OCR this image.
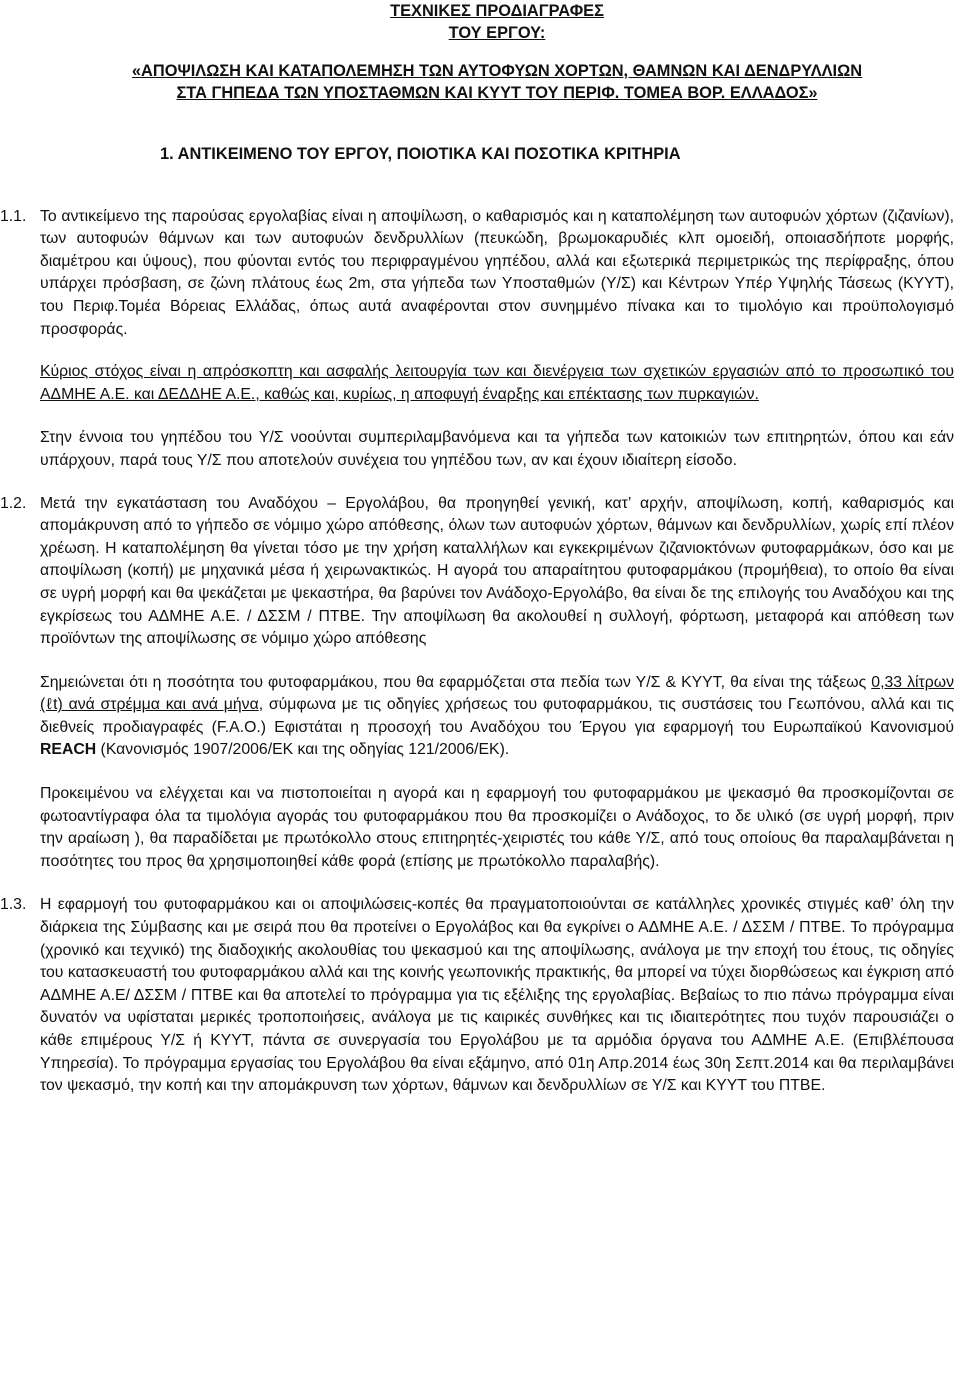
ΤΕΧΝΙΚΕΣ ΠΡΟΔΙΑΓΡΑΦΕΣ
ΤΟΥ ΕΡΓΟΥ:
«ΑΠΟΨΙΛΩΣΗ ΚΑΙ ΚΑΤΑΠΟΛΕΜΗΣΗ ΤΩΝ ΑΥΤΟΦΥΩΝ ΧΟΡΤΩΝ, ΘΑΜΝΩΝ ΚΑΙ ΔΕΝΔΡΥΛΛΙΩΝ
ΣΤΑ ΓΗΠΕΔΑ ΤΩΝ ΥΠΟΣΤΑΘΜΩΝ ΚΑΙ ΚΥΥΤ ΤΟΥ ΠΕΡΙΦ. ΤΟΜΕΑ ΒΟΡ. ΕΛΛΑΔΟΣ»
1. ΑΝΤΙΚΕΙΜΕΝΟ ΤΟΥ ΕΡΓΟΥ, ΠΟΙΟΤΙΚΑ ΚΑΙ ΠΟΣΟΤΙΚΑ ΚΡΙΤΗΡΙΑ
1.1. Το αντικείμενο της παρούσας εργολαβίας είναι η αποψίλωση, ο καθαρισμός και η καταπολέμηση των αυτοφυών χόρτων (ζιζανίων), των αυτοφυών θάμνων και των αυτοφυών δενδρυλλίων (πευκώδη, βρωμοκαρυδιές κλπ ομοειδή, οποιασδήποτε μορφής, διαμέτρου και ύψους), που φύονται εντός του περιφραγμένου γηπέδου, αλλά και εξωτερικά περιμετρικώς της περίφραξης, όπου υπάρχει πρόσβαση, σε ζώνη πλάτους έως 2m, στα γήπεδα των Υποσταθμών (Υ/Σ) και Κέντρων Υπέρ Υψηλής Τάσεως (ΚΥΥΤ), του Περιφ.Τομέα Βόρειας Ελλάδας, όπως αυτά αναφέρονται στον συνημμένο πίνακα και το τιμολόγιο και προϋπολογισμό προσφοράς.

Κύριος στόχος είναι η απρόσκοπτη και ασφαλής λειτουργία των και διενέργεια των σχετικών εργασιών από το προσωπικό του ΑΔΜΗΕ Α.Ε. και ΔΕΔΔΗΕ Α.Ε., καθώς και, κυρίως, η αποφυγή έναρξης και επέκτασης των πυρκαγιών.

Στην έννοια του γηπέδου του Υ/Σ νοούνται συμπεριλαμβανόμενα και τα γήπεδα των κατοικιών των επιτηρητών, όπου και εάν υπάρχουν, παρά τους Υ/Σ που αποτελούν συνέχεια του γηπέδου των, αν και έχουν ιδιαίτερη είσοδο.

1.2. Μετά την εγκατάσταση του Αναδόχου – Εργολάβου, θα προηγηθεί γενική, κατ’ αρχήν, αποψίλωση, κοπή, καθαρισμός και απομάκρυνση από το γήπεδο σε νόμιμο χώρο απόθεσης, όλων των αυτοφυών χόρτων, θάμνων και δενδρυλλίων, χωρίς επί πλέον χρέωση. Η καταπολέμηση θα γίνεται τόσο με την χρήση καταλλήλων και εγκεκριμένων ζιζανιοκτόνων φυτοφαρμάκων, όσο και με αποψίλωση (κοπή) με μηχανικά μέσα ή χειρωνακτικώς. Η αγορά του απαραίτητου φυτοφαρμάκου (προμήθεια), το οποίο θα είναι σε υγρή μορφή και θα ψεκάζεται με ψεκαστήρα, θα βαρύνει τον Ανάδοχο-Εργολάβο, θα είναι δε της επιλογής του Αναδόχου και της εγκρίσεως του ΑΔΜΗΕ Α.Ε. / ΔΣΣΜ / ΠΤΒΕ. Την αποψίλωση θα ακολουθεί η συλλογή, φόρτωση, μεταφορά και απόθεση των προϊόντων της αποψίλωσης σε νόμιμο χώρο απόθεσης

Σημειώνεται ότι η ποσότητα του φυτοφαρμάκου, που θα εφαρμόζεται στα πεδία των Υ/Σ & ΚΥΥΤ, θα είναι της τάξεως 0,33 λίτρων (ℓt) ανά στρέμμα και ανά μήνα, σύμφωνα με τις οδηγίες χρήσεως του φυτοφαρμάκου, τις συστάσεις του Γεωπόνου, αλλά και τις διεθνείς προδιαγραφές (F.A.O.) Εφιστάται η προσοχή του Αναδόχου του Έργου για εφαρμογή του Ευρωπαϊκού Κανονισμού REACH (Κανονισμός 1907/2006/ΕΚ και της οδηγίας 121/2006/ΕΚ).

Προκειμένου να ελέγχεται και να πιστοποιείται η αγορά και η εφαρμογή του φυτοφαρμάκου με ψεκασμό θα προσκομίζονται σε φωτοαντίγραφα όλα τα τιμολόγια αγοράς του φυτοφαρμάκου που θα προσκομίζει ο Ανάδοχος, το δε υλικό (σε υγρή μορφή, πριν την αραίωση ), θα παραδίδεται με πρωτόκολλο στους επιτηρητές-χειριστές του κάθε Υ/Σ, από τους οποίους θα παραλαμβάνεται η ποσότητες του προς θα χρησιμοποιηθεί κάθε φορά (επίσης με πρωτόκολλο παραλαβής).

1.3. Η εφαρμογή του φυτοφαρμάκου και οι αποψιλώσεις-κοπές θα πραγματοποιούνται σε κατάλληλες χρονικές στιγμές καθ’ όλη την διάρκεια της Σύμβασης και με σειρά που θα προτείνει ο Εργολάβος και θα εγκρίνει ο ΑΔΜΗΕ Α.Ε. / ΔΣΣΜ / ΠΤΒΕ. Το πρόγραμμα (χρονικό και τεχνικό) της διαδοχικής ακολουθίας του ψεκασμού και της αποψίλωσης, ανάλογα με την εποχή του έτους, τις οδηγίες του κατασκευαστή του φυτοφαρμάκου αλλά και της κοινής γεωπονικής πρακτικής, θα μπορεί να τύχει διορθώσεως και έγκριση από ΑΔΜΗΕ Α.Ε/ ΔΣΣΜ / ΠΤΒΕ και θα αποτελεί το πρόγραμμα για τις εξέλιξης της εργολαβίας. Βεβαίως το πιο πάνω πρόγραμμα είναι δυνατόν να υφίσταται μερικές τροποποιήσεις, ανάλογα με τις καιρικές συνθήκες και τις ιδιαιτερότητες που τυχόν παρουσιάζει ο κάθε επιμέρους Υ/Σ ή ΚΥΥΤ, πάντα σε συνεργασία του Εργολάβου με τα αρμόδια όργανα του ΑΔΜΗΕ Α.Ε. (Επιβλέπουσα Υπηρεσία). Το πρόγραμμα εργασίας του Εργολάβου θα είναι εξάμηνο, από 01η Απρ.2014 έως 30η Σεπτ.2014 και θα περιλαμβάνει τον ψεκασμό, την κοπή και την απομάκρυνση των χόρτων, θάμνων και δενδρυλλίων σε Υ/Σ και ΚΥΥΤ του ΠΤΒΕ.
